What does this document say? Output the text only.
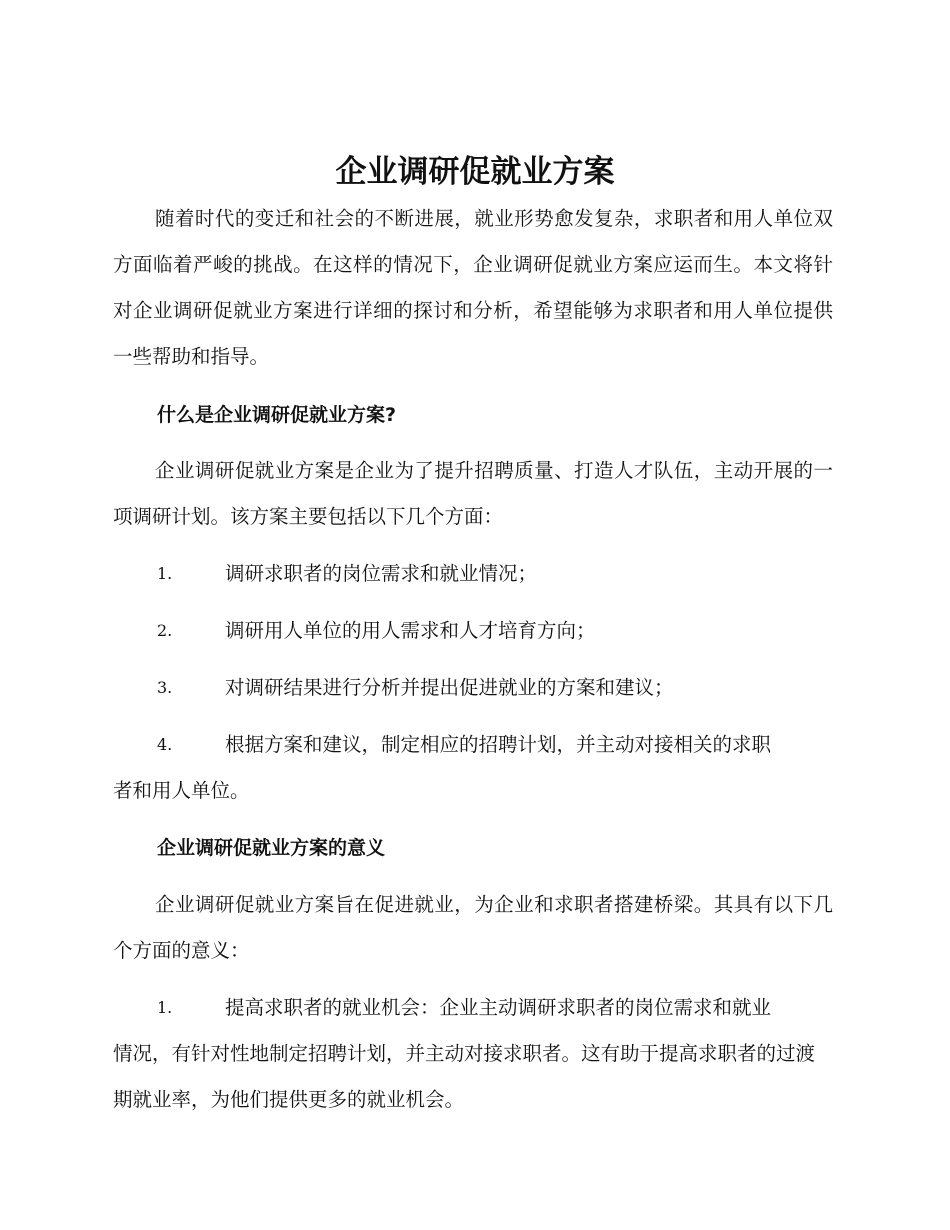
企业调研促就业方案

随着时代的变迁和社会的不断进展，就业形势愈发复杂，求职者和用人单位双方面临着严峻的挑战。在这样的情况下，企业调研促就业方案应运而生。本文将针对企业调研促就业方案进行详细的探讨和分析，希望能够为求职者和用人单位提供一些帮助和指导。

什么是企业调研促就业方案?

企业调研促就业方案是企业为了提升招聘质量、打造人才队伍，主动开展的一项调研计划。该方案主要包括以下几个方面：

1.	调研求职者的岗位需求和就业情况；
2.	调研用人单位的用人需求和人才培育方向；
3.	对调研结果进行分析并提出促进就业的方案和建议；
4.	根据方案和建议，制定相应的招聘计划，并主动对接相关的求职
者和用人单位。
企业调研促就业方案的意义

企业调研促就业方案旨在促进就业，为企业和求职者搭建桥梁。其具有以下几个方面的意义：

1.	提高求职者的就业机会：企业主动调研求职者的岗位需求和就业
情况，有针对性地制定招聘计划，并主动对接求职者。这有助于提高求职者的过渡期就业率，为他们提供更多的就业机会。
